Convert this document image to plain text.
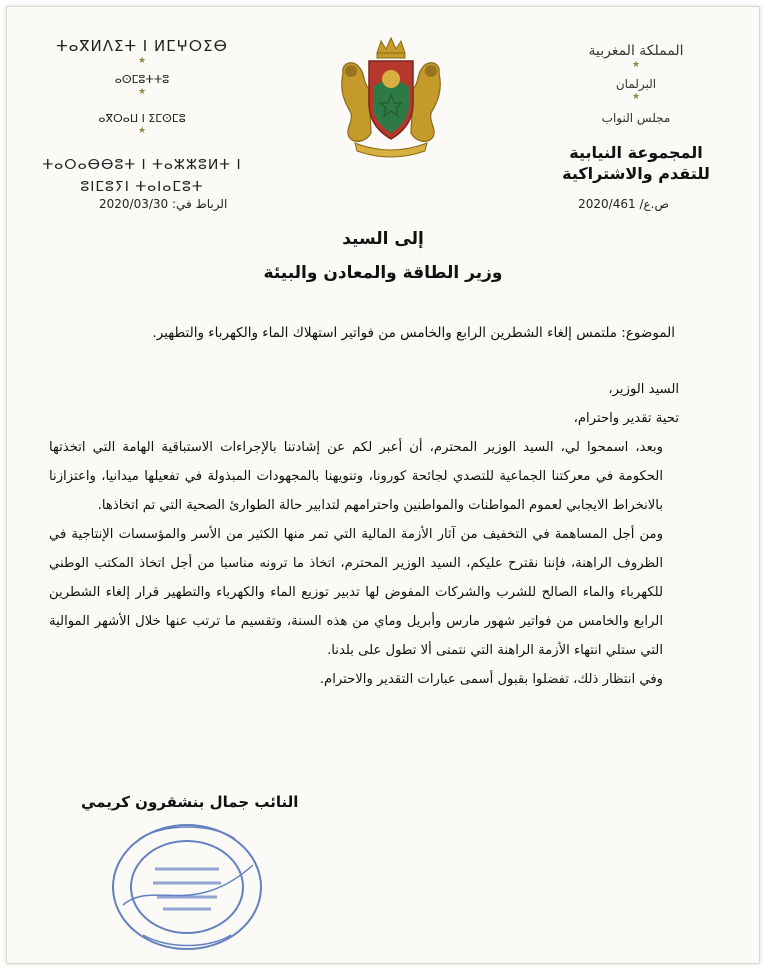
ⵜⴰⴳⵍⴷⵉⵜ ⵏ ⵍⵎⵖⵔⵉⴱ
★
ⴰⵙⵎⵓⵜⵜⵓ
★
ⴰⴳⵔⴰⵡ ⵏ ⵉⵎⵙⵎⵓ
★
ⵜⴰⵔⴰⴱⴱⵓⵜ ⵏ ⵜⴰⵣⵣⵓⵍⵜ ⵏ
ⵓⵏⵎⵓⵢⵏ ⵜⴰⵏⴰⵎⵓⵜ
الرباط في: 2020/03/30
المملكة المغربية
★
البرلمان
★
مجلس النواب
المجموعة النيابية
للتقدم والاشتراكية
ص.ع/ 2020/461
إلى السيد
وزير الطاقة والمعادن والبيئة
الموضوع: ملتمس إلغاء الشطرين الرابع والخامس من فواتير استهلاك الماء والكهرباء والتطهير.

السيد الوزير،

تحية تقدير واحترام،

وبعد، اسمحوا لي، السيد الوزير المحترم، أن أعبر لكم عن إشادتنا بالإجراءات الاستباقية الهامة التي اتخذتها الحكومة في معركتنا الجماعية للتصدي لجائحة كورونا، وتنويهنا بالمجهودات المبذولة في تفعيلها ميدانيا، واعتزازنا بالانخراط الايجابي لعموم المواطنات والمواطنين واحترامهم لتدابير حالة الطوارئ الصحية التي تم اتخاذها.

ومن أجل المساهمة في التخفيف من آثار الأزمة المالية التي تمر منها الكثير من الأسر والمؤسسات الإنتاجية في الظروف الراهنة، فإننا نقترح عليكم، السيد الوزير المحترم، اتخاذ ما ترونه مناسبا من أجل اتخاذ المكتب الوطني للكهرباء والماء الصالح للشرب والشركات المفوض لها تدبير توزيع الماء والكهرباء والتطهير قرار إلغاء الشطرين الرابع والخامس من فواتير شهور مارس وأبريل وماي من هذه السنة، وتقسيم ما ترتب عنها خلال الأشهر الموالية التي ستلي انتهاء الأزمة الراهنة التي نتمنى ألا تطول على بلدنا.

وفي انتظار ذلك، تفضلوا بقبول أسمى عبارات التقدير والاحترام.

النائب جمال بنشقرون كريمي
